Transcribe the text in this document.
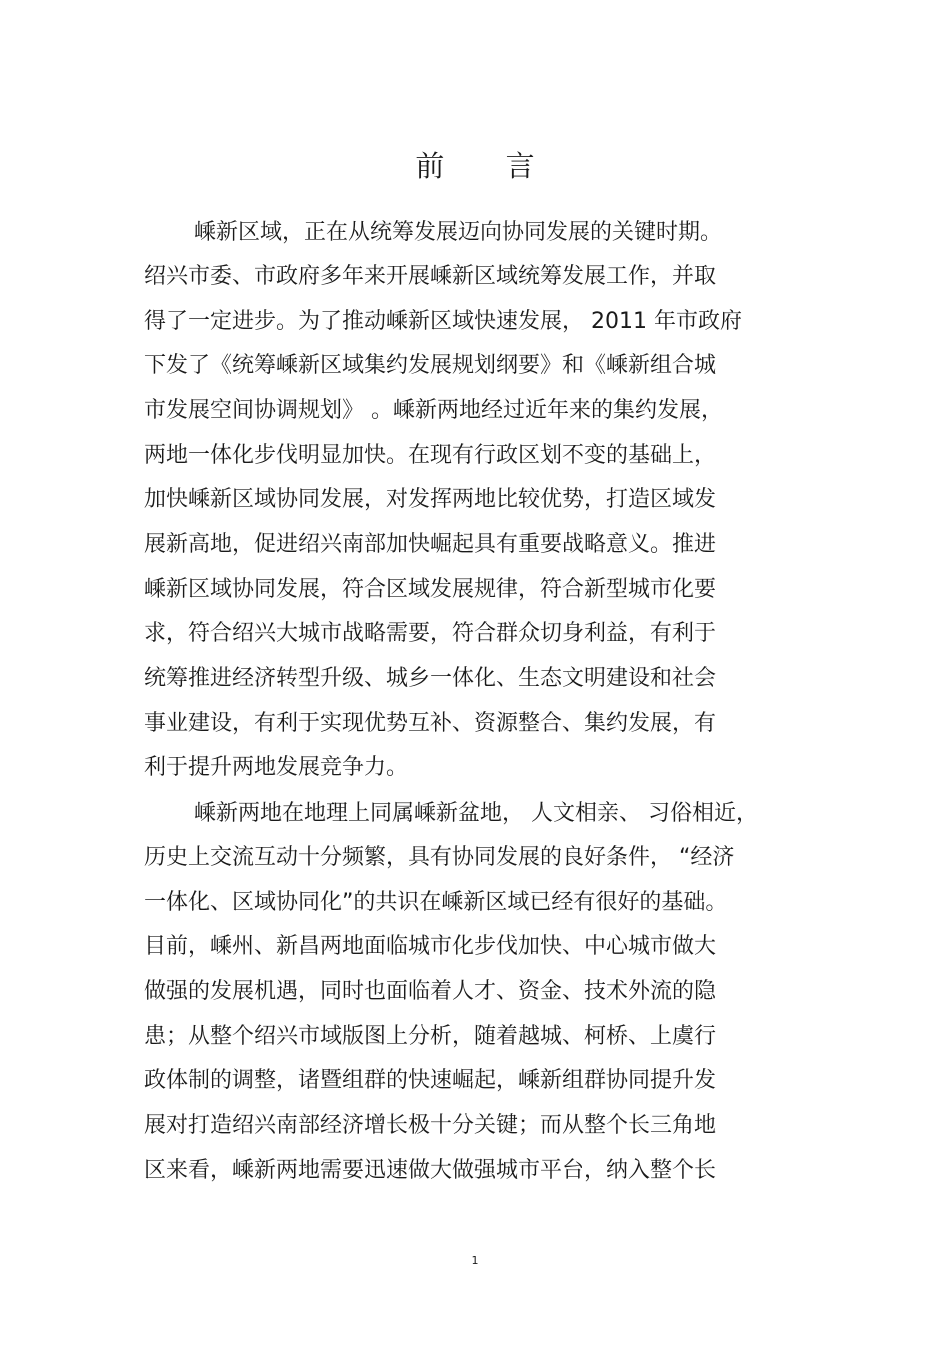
前 言
嵊新区域，正在从统筹发展迈向协同发展的关键时期。
绍兴市委、市政府多年来开展嵊新区域统筹发展工作，并取
得了一定进步。为了推动嵊新区域快速发展， 2011 年市政府
下发了《统筹嵊新区域集约发展规划纲要》和《嵊新组合城
市发展空间协调规划》 。嵊新两地经过近年来的集约发展，
两地一体化步伐明显加快。在现有行政区划不变的基础上，
加快嵊新区域协同发展，对发挥两地比较优势，打造区域发
展新高地，促进绍兴南部加快崛起具有重要战略意义。推进
嵊新区域协同发展，符合区域发展规律，符合新型城市化要
求，符合绍兴大城市战略需要，符合群众切身利益，有利于
统筹推进经济转型升级、城乡一体化、生态文明建设和社会
事业建设，有利于实现优势互补、资源整合、集约发展，有
利于提升两地发展竞争力。
嵊新两地在地理上同属嵊新盆地， 人文相亲、 习俗相近，
历史上交流互动十分频繁，具有协同发展的良好条件， “经济
一体化、区域协同化”的共识在嵊新区域已经有很好的基础。
目前，嵊州、新昌两地面临城市化步伐加快、中心城市做大
做强的发展机遇，同时也面临着人才、资金、技术外流的隐
患；从整个绍兴市域版图上分析，随着越城、柯桥、上虞行
政体制的调整，诸暨组群的快速崛起，嵊新组群协同提升发
展对打造绍兴南部经济增长极十分关键；而从整个长三角地
区来看，嵊新两地需要迅速做大做强城市平台，纳入整个长
1
